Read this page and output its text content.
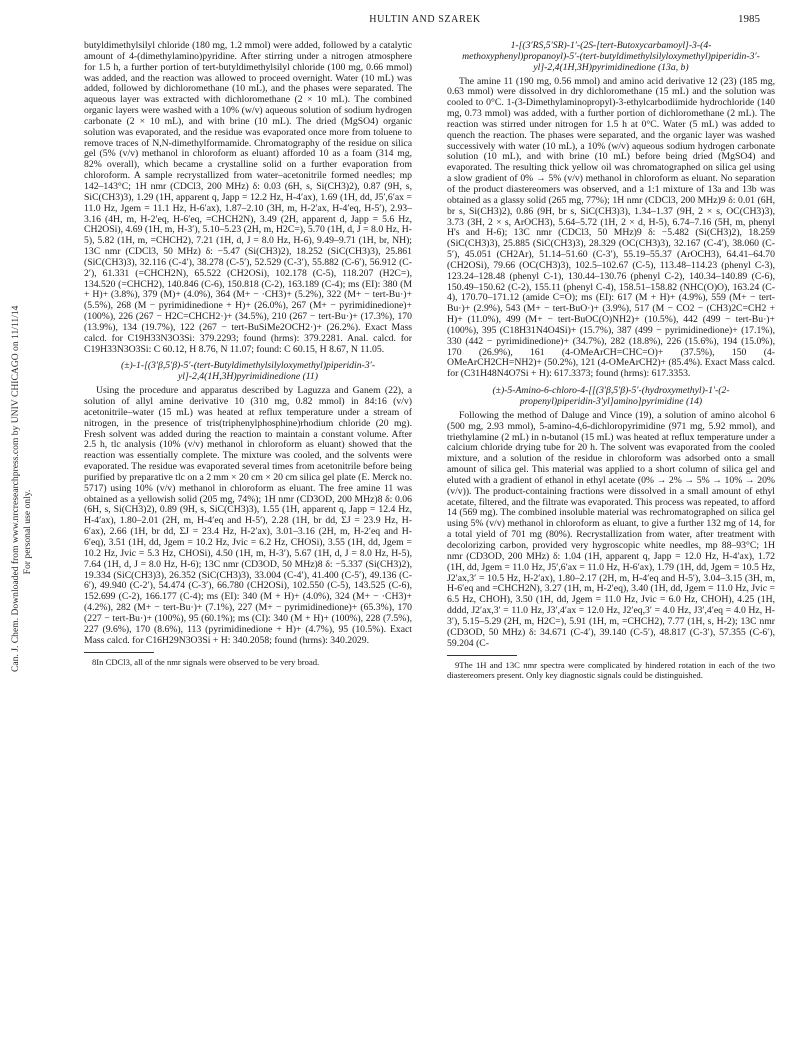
HULTIN AND SZAREK	1985
Can. J. Chem. Downloaded from www.nrcresearchpress.com by UNIV CHICAGO on 11/11/14 For personal use only.

butyldimethylsilyl chloride (180 mg, 1.2 mmol) were added, followed by a catalytic amount of 4-(dimethylamino)pyridine. After stirring under a nitrogen atmosphere for 1.5 h, a further portion of tert-butyldimethylsilyl chloride (100 mg, 0.66 mmol) was added, and the reaction was allowed to proceed overnight. Water (10 mL) was added, followed by dichloromethane (10 mL), and the phases were separated. The aqueous layer was extracted with dichloromethane (2 × 10 mL). The combined organic layers were washed with a 10% (w/v) aqueous solution of sodium hydrogen carbonate (2 × 10 mL), and with brine (10 mL). The dried (MgSO4) organic solution was evaporated, and the residue was evaporated once more from toluene to remove traces of N,N-dimethylformamide. Chromatography of the residue on silica gel (5% (v/v) methanol in chloroform as eluant) afforded 10 as a foam (314 mg, 82% overall), which became a crystalline solid on a further evaporation from chloroform. A sample recrystallized from water–acetonitrile formed needles; mp 142–143°C; 1H nmr (CDCl3, 200 MHz) δ: 0.03 (6H, s, Si(CH3)2), 0.87 (9H, s, SiC(CH3)3), 1.29 (1H, apparent q, Japp = 12.2 Hz, H-4′ax), 1.69 (1H, dd, J5′,6′ax = 11.0 Hz, Jgem = 11.1 Hz, H-6′ax), 1.87–2.10 (3H, m, H-2′ax, H-4′eq, H-5′), 2.93–3.16 (4H, m, H-2′eq, H-6′eq, =CHCH2N), 3.49 (2H, apparent d, Japp = 5.6 Hz, CH2OSi), 4.69 (1H, m, H-3′), 5.10–5.23 (2H, m, H2C=), 5.70 (1H, d, J = 8.0 Hz, H-5), 5.82 (1H, m, =CHCH2), 7.21 (1H, d, J = 8.0 Hz, H-6), 9.49–9.71 (1H, br, NH); 13C nmr (CDCl3, 50 MHz) δ: −5.47 (Si(CH3)2), 18.252 (SiC(CH3)3), 25.861 (SiC(CH3)3), 32.116 (C-4′), 38.278 (C-5′), 52.529 (C-3′), 55.882 (C-6′), 56.912 (C-2′), 61.331 (=CHCH2N), 65.522 (CH2OSi), 102.178 (C-5), 118.207 (H2C=), 134.520 (=CHCH2), 140.846 (C-6), 150.818 (C-2), 163.189 (C-4); ms (EI): 380 (M + H)+ (3.8%), 379 (M)+ (4.0%), 364 (M+ − ·CH3)+ (5.2%), 322 (M+ − tert-Bu·)+ (5.5%), 268 (M − pyrimidinedione + H)+ (26.0%), 267 (M+ − pyrimidinedione)+ (100%), 226 (267 − H2C=CHCH2·)+ (34.5%), 210 (267 − tert-Bu·)+ (17.3%), 170 (13.9%), 134 (19.7%), 122 (267 − tert-BuSiMe2OCH2·)+ (26.2%). Exact Mass calcd. for C19H33N3O3Si: 379.2293; found (hrms): 379.2281. Anal. calcd. for C19H33N3O3Si: C 60.12, H 8.76, N 11.07; found: C 60.15, H 8.67, N 11.05.

(±)-1-[(3′β,5′β)-5′-(tert-Butyldimethylsilyloxymethyl)piperidin-3′-yl]-2,4(1H,3H)pyrimidinedione (11)

Using the procedure and apparatus described by Laguzza and Ganem (22), a solution of allyl amine derivative 10 (310 mg, 0.82 mmol) in 84:16 (v/v) acetonitrile–water (15 mL) was heated at reflux temperature under a stream of nitrogen, in the presence of tris(triphenylphosphine)rhodium chloride (20 mg). Fresh solvent was added during the reaction to maintain a constant volume. After 2.5 h, tlc analysis (10% (v/v) methanol in chloroform as eluant) showed that the reaction was essentially complete. The mixture was cooled, and the solvents were evaporated. The residue was evaporated several times from acetonitrile before being purified by preparative tlc on a 2 mm × 20 cm × 20 cm silica gel plate (E. Merck no. 5717) using 10% (v/v) methanol in chloroform as eluant. The free amine 11 was obtained as a yellowish solid (205 mg, 74%); 1H nmr (CD3OD, 200 MHz)8 δ: 0.06 (6H, s, Si(CH3)2), 0.89 (9H, s, SiC(CH3)3), 1.55 (1H, apparent q, Japp = 12.4 Hz, H-4′ax), 1.80–2.01 (2H, m, H-4′eq and H-5′), 2.28 (1H, br dd, ΣJ = 23.9 Hz, H-6′ax), 2.66 (1H, br dd, ΣJ = 23.4 Hz, H-2′ax), 3.01–3.16 (2H, m, H-2′eq and H-6′eq), 3.51 (1H, dd, Jgem = 10.2 Hz, Jvic = 6.2 Hz, CHOSi), 3.55 (1H, dd, Jgem = 10.2 Hz, Jvic = 5.3 Hz, CHOSi), 4.50 (1H, m, H-3′), 5.67 (1H, d, J = 8.0 Hz, H-5), 7.64 (1H, d, J = 8.0 Hz, H-6); 13C nmr (CD3OD, 50 MHz)8 δ: −5.337 (Si(CH3)2), 19.334 (SiC(CH3)3), 26.352 (SiC(CH3)3), 33.004 (C-4′), 41.400 (C-5′), 49.136 (C-6′), 49.940 (C-2′), 54.474 (C-3′), 66.780 (CH2OSi), 102.550 (C-5), 143.525 (C-6), 152.699 (C-2), 166.177 (C-4); ms (EI): 340 (M + H)+ (4.0%), 324 (M+ − ·CH3)+ (4.2%), 282 (M+ − tert-Bu·)+ (7.1%), 227 (M+ − pyrimidinedione)+ (65.3%), 170 (227 − tert-Bu·)+ (100%), 95 (60.1%); ms (CI): 340 (M + H)+ (100%), 228 (7.5%), 227 (9.6%), 170 (8.6%), 113 (pyrimidinedione + H)+ (4.7%), 95 (10.5%). Exact Mass calcd. for C16H29N3O3Si + H: 340.2058; found (hrms): 340.2029.

8In CDCl3, all of the nmr signals were observed to be very broad.

1-[(3′RS,5′SR)-1′-(2S-[tert-Butoxycarbamoyl]-3-(4-methoxyphenyl)propanoyl)-5′-(tert-butyldimethylsilyloxymethyl)piperidin-3′-yl]-2,4(1H,3H)pyrimidinedione (13a, b)

The amine 11 (190 mg, 0.56 mmol) and amino acid derivative 12 (23) (185 mg, 0.63 mmol) were dissolved in dry dichloromethane (15 mL) and the solution was cooled to 0°C. 1-(3-Dimethylaminopropyl)-3-ethylcarbodiimide hydrochloride (140 mg, 0.73 mmol) was added, with a further portion of dichloromethane (2 mL). The reaction was stirred under nitrogen for 1.5 h at 0°C. Water (5 mL) was added to quench the reaction. The phases were separated, and the organic layer was washed successively with water (10 mL), a 10% (w/v) aqueous sodium hydrogen carbonate solution (10 mL), and with brine (10 mL) before being dried (MgSO4) and evaporated. The resulting thick yellow oil was chromatographed on silica gel using a slow gradient of 0% → 5% (v/v) methanol in chloroform as eluant. No separation of the product diastereomers was observed, and a 1:1 mixture of 13a and 13b was obtained as a glassy solid (265 mg, 77%); 1H nmr (CDCl3, 200 MHz)9 δ: 0.01 (6H, br s, Si(CH3)2), 0.86 (9H, br s, SiC(CH3)3), 1.34–1.37 (9H, 2 × s, OC(CH3)3), 3.73 (3H, 2 × s, ArOCH3), 5.64–5.72 (1H, 2 × d, H-5), 6.74–7.16 (5H, m, phenyl H's and H-6); 13C nmr (CDCl3, 50 MHz)9 δ: −5.482 (Si(CH3)2), 18.259 (SiC(CH3)3), 25.885 (SiC(CH3)3), 28.329 (OC(CH3)3), 32.167 (C-4′), 38.060 (C-5′), 45.051 (CH2Ar), 51.14–51.60 (C-3′), 55.19–55.37 (ArOCH3), 64.41–64.70 (CH2OSi), 79.66 (OC(CH3)3), 102.5–102.67 (C-5), 113.48–114.23 (phenyl C-3), 123.24–128.48 (phenyl C-1), 130.44–130.76 (phenyl C-2), 140.34–140.89 (C-6), 150.49–150.62 (C-2), 155.11 (phenyl C-4), 158.51–158.82 (NHC(O)O), 163.24 (C-4), 170.70–171.12 (amide C=O); ms (EI): 617 (M + H)+ (4.9%), 559 (M+ − tert-Bu·)+ (2.9%), 543 (M+ − tert-BuO·)+ (3.9%), 517 (M − CO2 − (CH3)2C=CH2 + H)+ (11.0%), 499 (M+ − tert-BuOC(O)NH2)+ (10.5%), 442 (499 − tert-Bu·)+ (100%), 395 (C18H31N4O4Si)+ (15.7%), 387 (499 − pyrimidinedione)+ (17.1%), 330 (442 − pyrimidinedione)+ (34.7%), 282 (18.8%), 226 (15.6%), 194 (15.0%), 170 (26.9%), 161 (4-OMeArCH=CHC=O)+ (37.5%), 150 (4-OMeArCH2CH=NH2)+ (50.2%), 121 (4-OMeArCH2)+ (85.4%). Exact Mass calcd. for (C31H48N4O7Si + H): 617.3373; found (hrms): 617.3353.

(±)-5-Amino-6-chloro-4-[[(3′β,5′β)-5′-(hydroxymethyl)-1′-(2-propenyl)piperidin-3′yl]amino]pyrimidine (14)

Following the method of Daluge and Vince (19), a solution of amino alcohol 6 (500 mg, 2.93 mmol), 5-amino-4,6-dichloropyrimidine (971 mg, 5.92 mmol), and triethylamine (2 mL) in n-butanol (15 mL) was heated at reflux temperature under a calcium chloride drying tube for 20 h. The solvent was evaporated from the cooled mixture, and a solution of the residue in chloroform was adsorbed onto a small amount of silica gel. This material was applied to a short column of silica gel and eluted with a gradient of ethanol in ethyl acetate (0% → 2% → 5% → 10% → 20% (v/v)). The product-containing fractions were dissolved in a small amount of ethyl acetate, filtered, and the filtrate was evaporated. This process was repeated, to afford 14 (569 mg). The combined insoluble material was rechromatographed on silica gel using 5% (v/v) methanol in chloroform as eluant, to give a further 132 mg of 14, for a total yield of 701 mg (80%). Recrystallization from water, after treatment with decolorizing carbon, provided very hygroscopic white needles, mp 88–93°C; 1H nmr (CD3OD, 200 MHz) δ: 1.04 (1H, apparent q, Japp = 12.0 Hz, H-4′ax), 1.72 (1H, dd, Jgem = 11.0 Hz, J5′,6′ax = 11.0 Hz, H-6′ax), 1.79 (1H, dd, Jgem = 10.5 Hz, J2′ax,3′ = 10.5 Hz, H-2′ax), 1.80–2.17 (2H, m, H-4′eq and H-5′), 3.04–3.15 (3H, m, H-6′eq and =CHCH2N), 3.27 (1H, m, H-2′eq), 3.40 (1H, dd, Jgem = 11.0 Hz, Jvic = 6.5 Hz, CHOH), 3.50 (1H, dd, Jgem = 11.0 Hz, Jvic = 6.0 Hz, CHOH), 4.25 (1H, dddd, J2′ax,3′ = 11.0 Hz, J3′,4′ax = 12.0 Hz, J2′eq,3′ = 4.0 Hz, J3′,4′eq = 4.0 Hz, H-3′), 5.15–5.29 (2H, m, H2C=), 5.91 (1H, m, =CHCH2), 7.77 (1H, s, H-2); 13C nmr (CD3OD, 50 MHz) δ: 34.671 (C-4′), 39.140 (C-5′), 48.817 (C-3′), 57.355 (C-6′), 59.204 (C-

9The 1H and 13C nmr spectra were complicated by hindered rotation in each of the two diastereomers present. Only key diagnostic signals could be distinguished.
